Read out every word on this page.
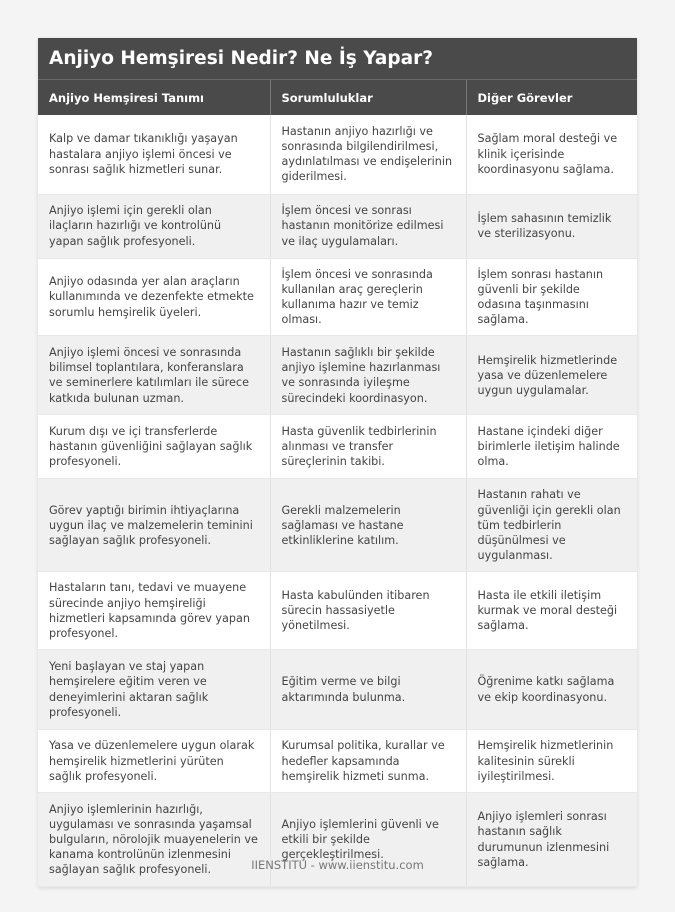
Anjiyo Hemşiresi Nedir? Ne İş Yapar?
Anjiyo Hemşiresi Tanımı	Sorumluluklar	Diğer Görevler
Kalp ve damar tıkanıklığı yaşayan hastalara anjiyo işlemi öncesi ve sonrası sağlık hizmetleri sunar.	Hastanın anjiyo hazırlığı ve sonrasında bilgilendirilmesi, aydınlatılması ve endişelerinin giderilmesi.	Sağlam moral desteği ve klinik içerisinde koordinasyonu sağlama.
Anjiyo işlemi için gerekli olan ilaçların hazırlığı ve kontrolünü yapan sağlık profesyoneli.	İşlem öncesi ve sonrası hastanın monitörize edilmesi ve ilaç uygulamaları.	İşlem sahasının temizlik ve sterilizasyonu.
Anjiyo odasında yer alan araçların kullanımında ve dezenfekte etmekte sorumlu hemşirelik üyeleri.	İşlem öncesi ve sonrasında kullanılan araç gereçlerin kullanıma hazır ve temiz olması.	İşlem sonrası hastanın güvenli bir şekilde odasına taşınmasını sağlama.
Anjiyo işlemi öncesi ve sonrasında bilimsel toplantılara, konferanslara ve seminerlere katılımları ile sürece katkıda bulunan uzman.	Hastanın sağlıklı bir şekilde anjiyo işlemine hazırlanması ve sonrasında iyileşme sürecindeki koordinasyon.	Hemşirelik hizmetlerinde yasa ve düzenlemelere uygun uygulamalar.
Kurum dışı ve içi transferlerde hastanın güvenliğini sağlayan sağlık profesyoneli.	Hasta güvenlik tedbirlerinin alınması ve transfer süreçlerinin takibi.	Hastane içindeki diğer birimlerle iletişim halinde olma.
Görev yaptığı birimin ihtiyaçlarına uygun ilaç ve malzemelerin teminini sağlayan sağlık profesyoneli.	Gerekli malzemelerin sağlaması ve hastane etkinliklerine katılım.	Hastanın rahatı ve güvenliği için gerekli olan tüm tedbirlerin düşünülmesi ve uygulanması.
Hastaların tanı, tedavi ve muayene sürecinde anjiyo hemşireliği hizmetleri kapsamında görev yapan profesyonel.	Hasta kabulünden itibaren sürecin hassasiyetle yönetilmesi.	Hasta ile etkili iletişim kurmak ve moral desteği sağlama.
Yeni başlayan ve staj yapan hemşirelere eğitim veren ve deneyimlerini aktaran sağlık profesyoneli.	Eğitim verme ve bilgi aktarımında bulunma.	Öğrenime katkı sağlama ve ekip koordinasyonu.
Yasa ve düzenlemelere uygun olarak hemşirelik hizmetlerini yürüten sağlık profesyoneli.	Kurumsal politika, kurallar ve hedefler kapsamında hemşirelik hizmeti sunma.	Hemşirelik hizmetlerinin kalitesinin sürekli iyileştirilmesi.
Anjiyo işlemlerinin hazırlığı, uygulaması ve sonrasında yaşamsal bulguların, nörolojik muayenelerin ve kanama kontrolünün izlenmesini sağlayan sağlık profesyoneli.	Anjiyo işlemlerini güvenli ve etkili bir şekilde gerçekleştirilmesi.	Anjiyo işlemleri sonrası hastanın sağlık durumunun izlenmesini sağlama.
IIENSTITU - www.iienstitu.com
